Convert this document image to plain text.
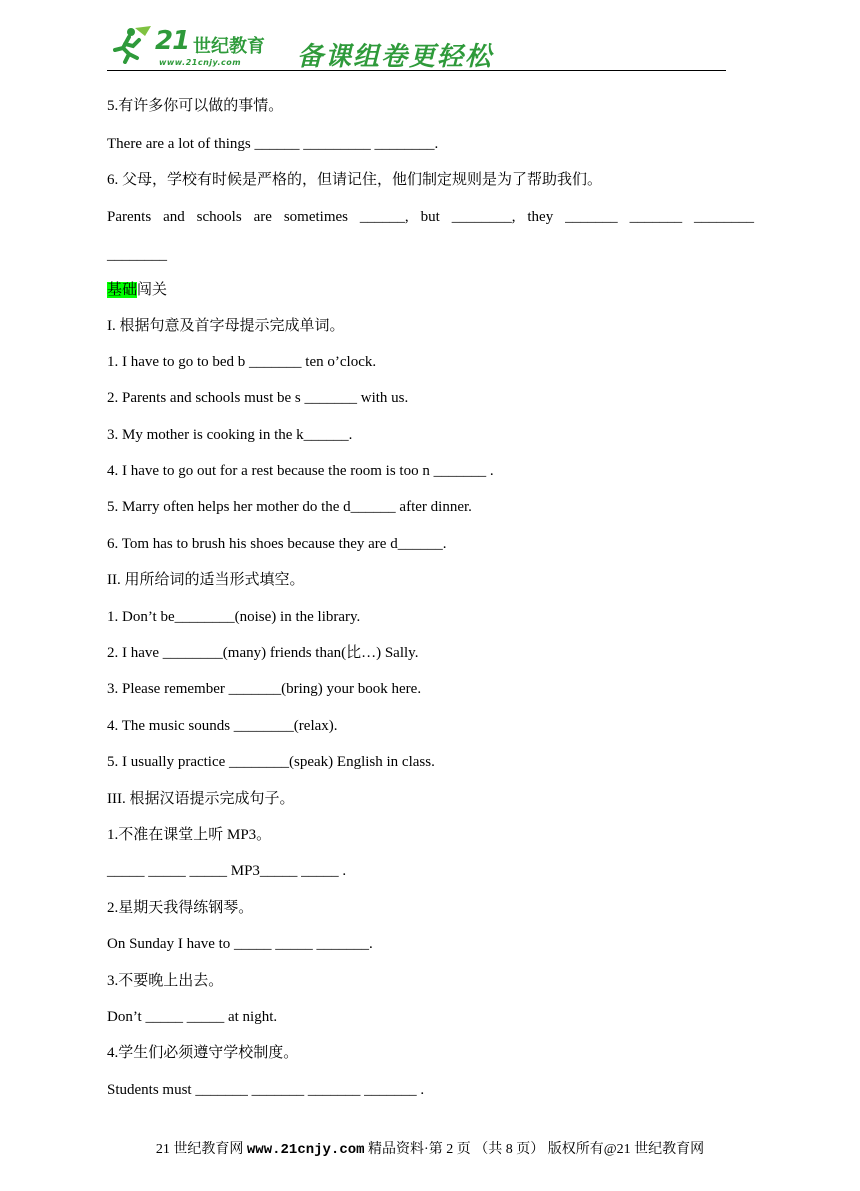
21 世纪教育
www.21cnjy.com 备课组卷更轻松
5.有许多你可以做的事情。
There are a lot of things ______ _________ ________.
6. 父母，学校有时候是严格的，但请记住，他们制定规则是为了帮助我们。
Parents and schools are sometimes ______, but ________, they _______ _______ ________
________
1. I have to go to bed b _______ ten o’clock.
2. Parents and schools must be s _______ with us.
3. My mother is cooking in the k______.
4. I have to go out for a rest because the room is too n _______ .
5. Marry often helps her mother do the d______ after dinner.
6. Tom has to brush his shoes because they are d______.
II. 用所给词的适当形式填空。
1. Don’t be________(noise) in the library.
2. I have ________(many) friends than(比…) Sally.
3. Please remember _______(bring) your book here.
4. The music sounds ________(relax).
5. I usually practice ________(speak) English in class.
III. 根据汉语提示完成句子。
1.不准在课堂上听 MP3。
_____ _____ _____ MP3_____ _____ .
2.星期天我得练钢琴。
On Sunday I have to _____ _____ _______.
3.不要晚上出去。
Don’t _____ _____ at night.
4.学生们必须遵守学校制度。
Students must _______ _______ _______ _______ .
基础闯关
I. 根据句意及首字母提示完成单词。
21 世纪教育网 www.21cnjy.com 精品资料·第 2 页 （共 8 页） 版权所有@21 世纪教育网
